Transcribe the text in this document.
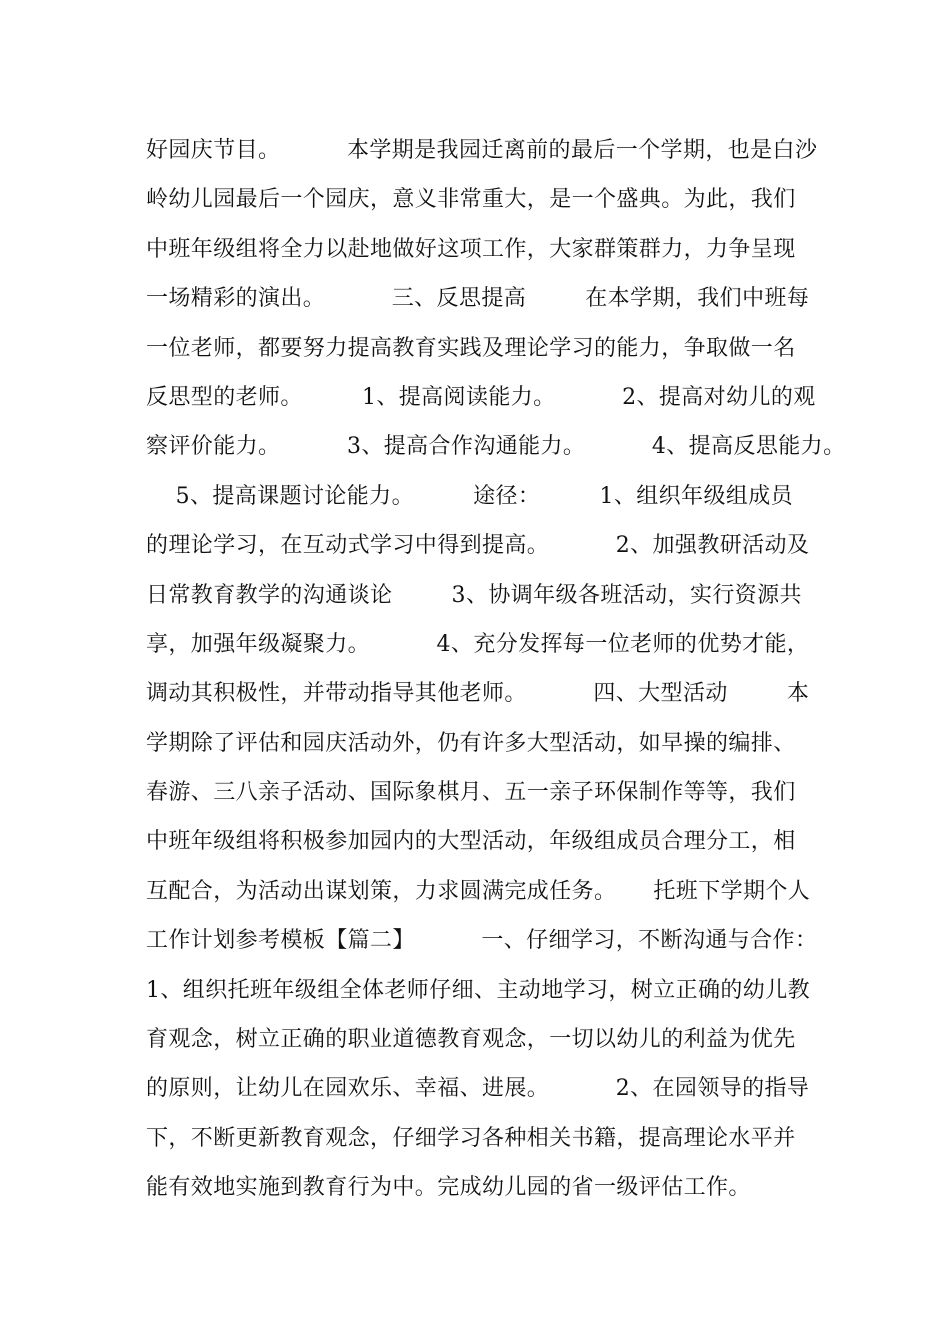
好园庆节目。         本学期是我园迁离前的最后一个学期，也是白沙
岭幼儿园最后一个园庆，意义非常重大，是一个盛典。为此，我们
中班年级组将全力以赴地做好这项工作，大家群策群力，力争呈现
一场精彩的演出。         三、反思提高        在本学期，我们中班每
一位老师，都要努力提高教育实践及理论学习的能力，争取做一名
反思型的老师。        1、提高阅读能力。         2、提高对幼儿的观
察评价能力。         3、提高合作沟通能力。         4、提高反思能力。
5、提高课题讨论能力。        途径：        1、组织年级组成员
的理论学习，在互动式学习中得到提高。         2、加强教研活动及
日常教育教学的沟通谈论        3、协调年级各班活动，实行资源共
享，加强年级凝聚力。         4、充分发挥每一位老师的优势才能，
调动其积极性，并带动指导其他老师。         四、大型活动        本
学期除了评估和园庆活动外，仍有许多大型活动，如早操的编排、
春游、三八亲子活动、国际象棋月、五一亲子环保制作等等，我们
中班年级组将积极参加园内的大型活动，年级组成员合理分工，相
互配合，为活动出谋划策，力求圆满完成任务。     托班下学期个人
工作计划参考模板【篇二】         一、仔细学习，不断沟通与合作：
1、组织托班年级组全体老师仔细、主动地学习，树立正确的幼儿教
育观念，树立正确的职业道德教育观念，一切以幼儿的利益为优先
的原则，让幼儿在园欢乐、幸福、进展。         2、在园领导的指导
下，不断更新教育观念，仔细学习各种相关书籍，提高理论水平并
能有效地实施到教育行为中。完成幼儿园的省一级评估工作。
